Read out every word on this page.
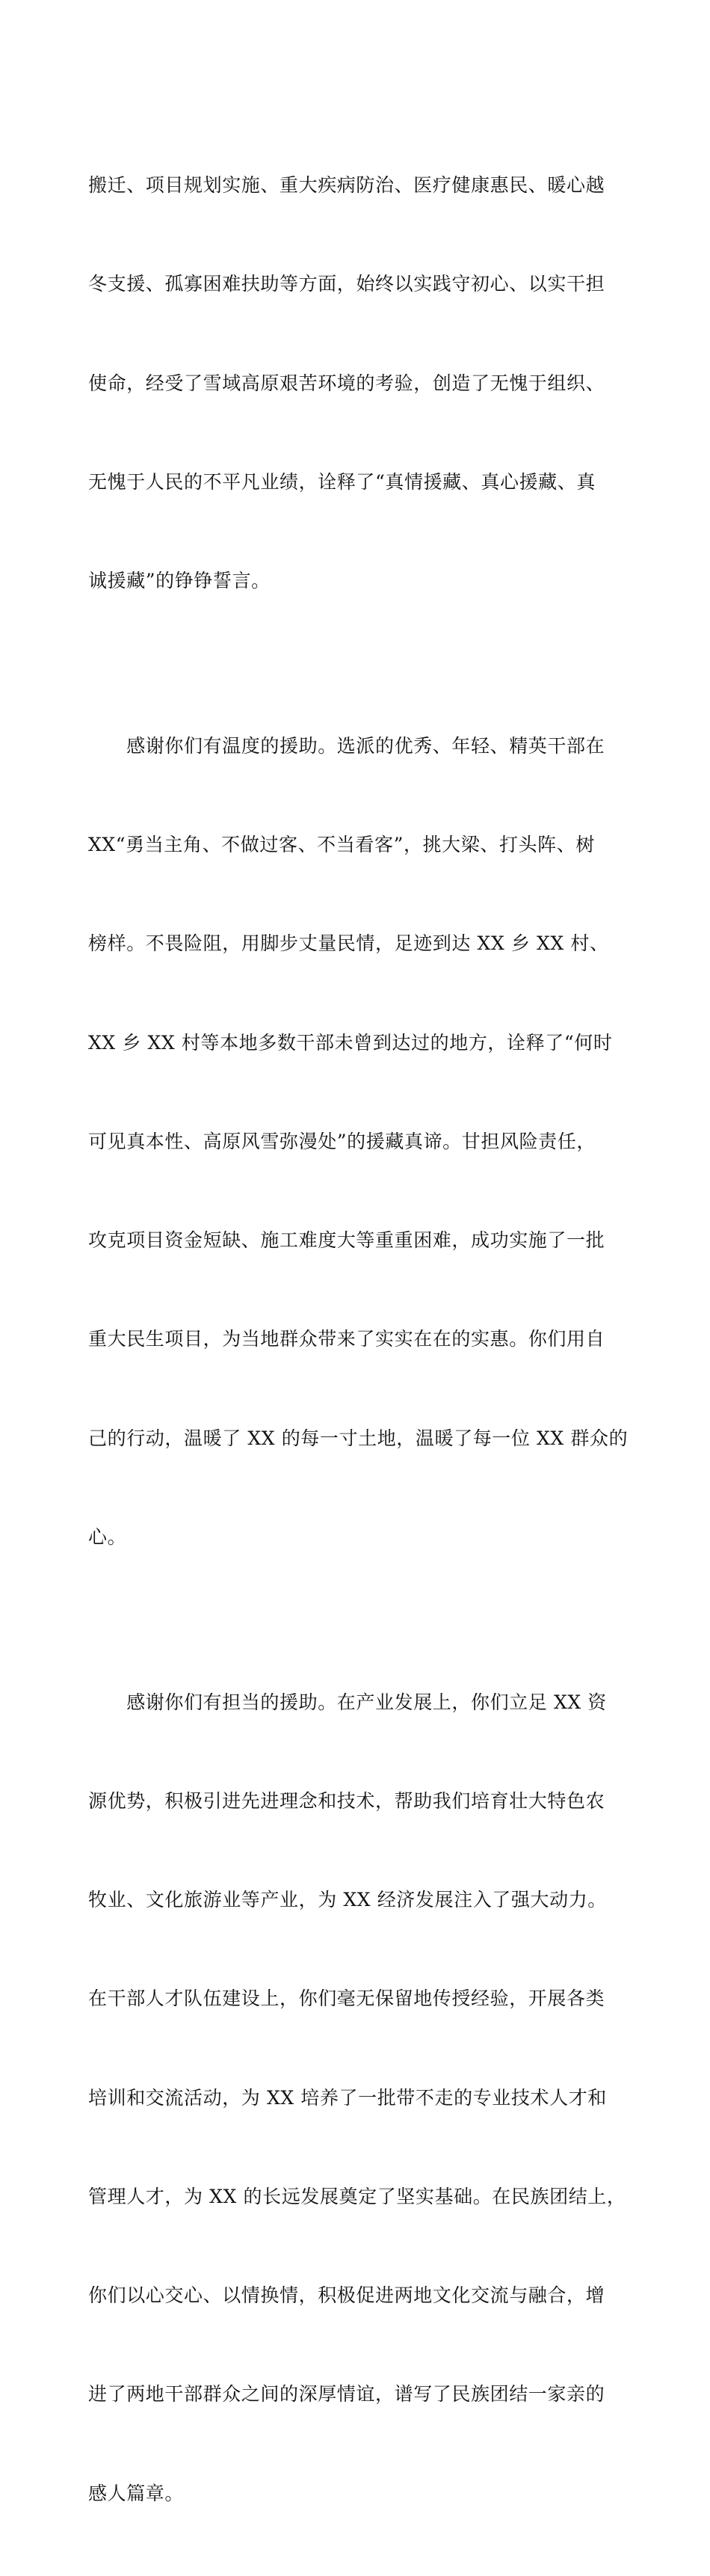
搬迁、项目规划实施、重大疾病防治、医疗健康惠民、暖心越

冬支援、孤寡困难扶助等方面，始终以实践守初心、以实干担

使命，经受了雪域高原艰苦环境的考验，创造了无愧于组织、

无愧于人民的不平凡业绩，诠释了“真情援藏、真心援藏、真

诚援藏”的铮铮誓言。

　　感谢你们有温度的援助。选派的优秀、年轻、精英干部在

XX“勇当主角、不做过客、不当看客”，挑大梁、打头阵、树

榜样。不畏险阻，用脚步丈量民情，足迹到达 XX 乡 XX 村、

XX 乡 XX 村等本地多数干部未曾到达过的地方，诠释了“何时

可见真本性、高原风雪弥漫处”的援藏真谛。甘担风险责任，

攻克项目资金短缺、施工难度大等重重困难，成功实施了一批

重大民生项目，为当地群众带来了实实在在的实惠。你们用自

己的行动，温暖了 XX 的每一寸土地，温暖了每一位 XX 群众的

心。

　　感谢你们有担当的援助。在产业发展上，你们立足 XX 资

源优势，积极引进先进理念和技术，帮助我们培育壮大特色农

牧业、文化旅游业等产业，为 XX 经济发展注入了强大动力。

在干部人才队伍建设上，你们毫无保留地传授经验，开展各类

培训和交流活动，为 XX 培养了一批带不走的专业技术人才和

管理人才，为 XX 的长远发展奠定了坚实基础。在民族团结上，

你们以心交心、以情换情，积极促进两地文化交流与融合，增

进了两地干部群众之间的深厚情谊，谱写了民族团结一家亲的

感人篇章。
